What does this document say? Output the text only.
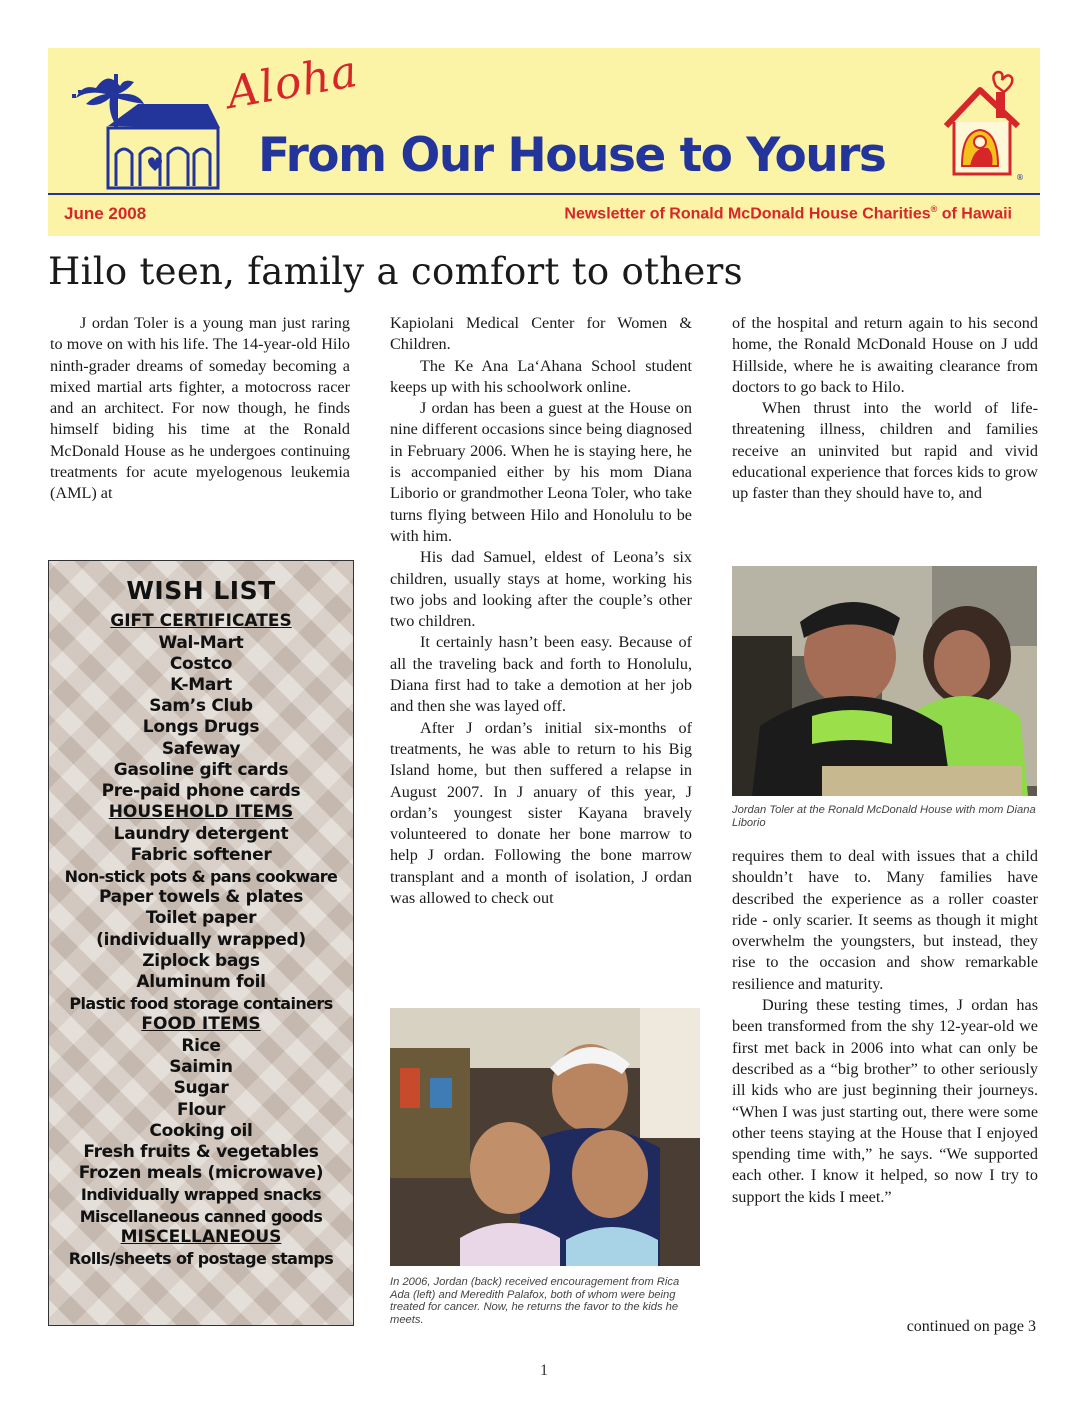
Aloha
From Our House to Yours	®
June 2008	Newsletter of Ronald McDonald House Charities® of Hawaii
Hilo teen, family a comfort to others

J ordan Toler is a young man just raring to move on with his life. The 14-year-old Hilo ninth-grader dreams of someday becoming a mixed martial arts fighter, a motocross racer and an architect. For now though, he finds himself biding his time at the Ronald McDonald House as he undergoes continuing treatments for acute myelogenous leukemia (AML) at

Kapiolani Medical Center for Women & Children.

The Ke Ana La‘Ahana School student keeps up with his schoolwork online.

J ordan has been a guest at the House on nine different occasions since being diagnosed in February 2006. When he is staying here, he is accompanied either by his mom Diana Liborio or grandmother Leona Toler, who take turns flying between Hilo and Honolulu to be with him.

His dad Samuel, eldest of Leona’s six children, usually stays at home, working his two jobs and looking after the couple’s other two children.

It certainly hasn’t been easy. Because of all the traveling back and forth to Honolulu, Diana first had to take a demotion at her job and then she was layed off.

After J ordan’s initial six-months of treatments, he was able to return to his Big Island home, but then suffered a relapse in August 2007. In J anuary of this year, J ordan’s youngest sister Kayana bravely volunteered to donate her bone marrow to help J ordan. Following the bone marrow transplant and a month of isolation, J ordan was allowed to check out

of the hospital and return again to his second home, the Ronald McDonald House on J udd Hillside, where he is awaiting clearance from doctors to go back to Hilo.

When thrust into the world of life-threatening illness, children and families receive an uninvited but rapid and vivid educational experience that forces kids to grow up faster than they should have to, and

Jordan Toler at the Ronald McDonald House with mom Diana Liborio

requires them to deal with issues that a child shouldn’t have to. Many families have described the experience as a roller coaster ride - only scarier. It seems as though it might overwhelm the youngsters, but instead, they rise to the occasion and show remarkable resilience and maturity.

During these testing times, J ordan has been transformed from the shy 12-year-old we first met back in 2006 into what can only be described as a “big brother” to other seriously ill kids who are just beginning their journeys. “When I was just starting out, there were some other teens staying at the House that I enjoyed spending time with,” he says. “We supported each other. I know it helped, so now I try to support the kids I meet.”

continued on page 3
In 2006, Jordan (back) received encouragement from Rica Ada (left) and Meredith Palafox, both of whom were being treated for cancer. Now, he returns the favor to the kids he meets.
WISH LIST
GIFT CERTIFICATES
Wal-Mart
Costco
K-Mart
Sam’s Club
Longs Drugs
Safeway
Gasoline gift cards
Pre-paid phone cards
HOUSEHOLD ITEMS
Laundry detergent
Fabric softener
Non-stick pots & pans cookware
Paper towels & plates
Toilet paper
(individually wrapped)
Ziplock bags
Aluminum foil
Plastic food storage containers
FOOD ITEMS
Rice
Saimin
Sugar
Flour
Cooking oil
Fresh fruits & vegetables
Frozen meals (microwave)
Individually wrapped snacks
Miscellaneous canned goods
MISCELLANEOUS
Rolls/sheets of postage stamps
1
